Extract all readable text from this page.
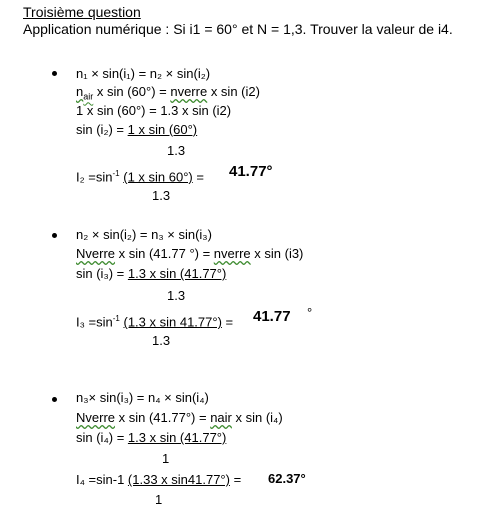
Troisième question
Application numérique : Si i1 = 60° et N = 1,3. Trouver la valeur de i4.
n₁ × sin(i₁) = n₂ × sin(i₂)
$n_{air}$ x sin (60°) = nverre x sin (i2)
1 x sin (60°) = 1.3 x sin (i2)
sin (i₂) = 1 x sin (60°)
1.3
$I_2 =\sin^{-1}$ (1 x sin 60°) = 41.77°
1.3
n₂ × sin(i₂) = n₃ × sin(i₃)
Nverre x sin (41.77 °) = nverre x sin (i3)
sin (i₃) = 1.3 x sin (41.77°)
1.3
$I_3 =\sin^{-1}$ (1.3 x sin 41.77°) = 41.77 °
1.3
n₃× sin(i₃) = n₄ × sin(i₄)
Nverre x sin (41.77°) = nair x sin (i₄)
sin (i₄) = 1.3 x sin (41.77°)
1
I₄ =sin-1 (1.33 x sin41.77°) = 62.37°
1
